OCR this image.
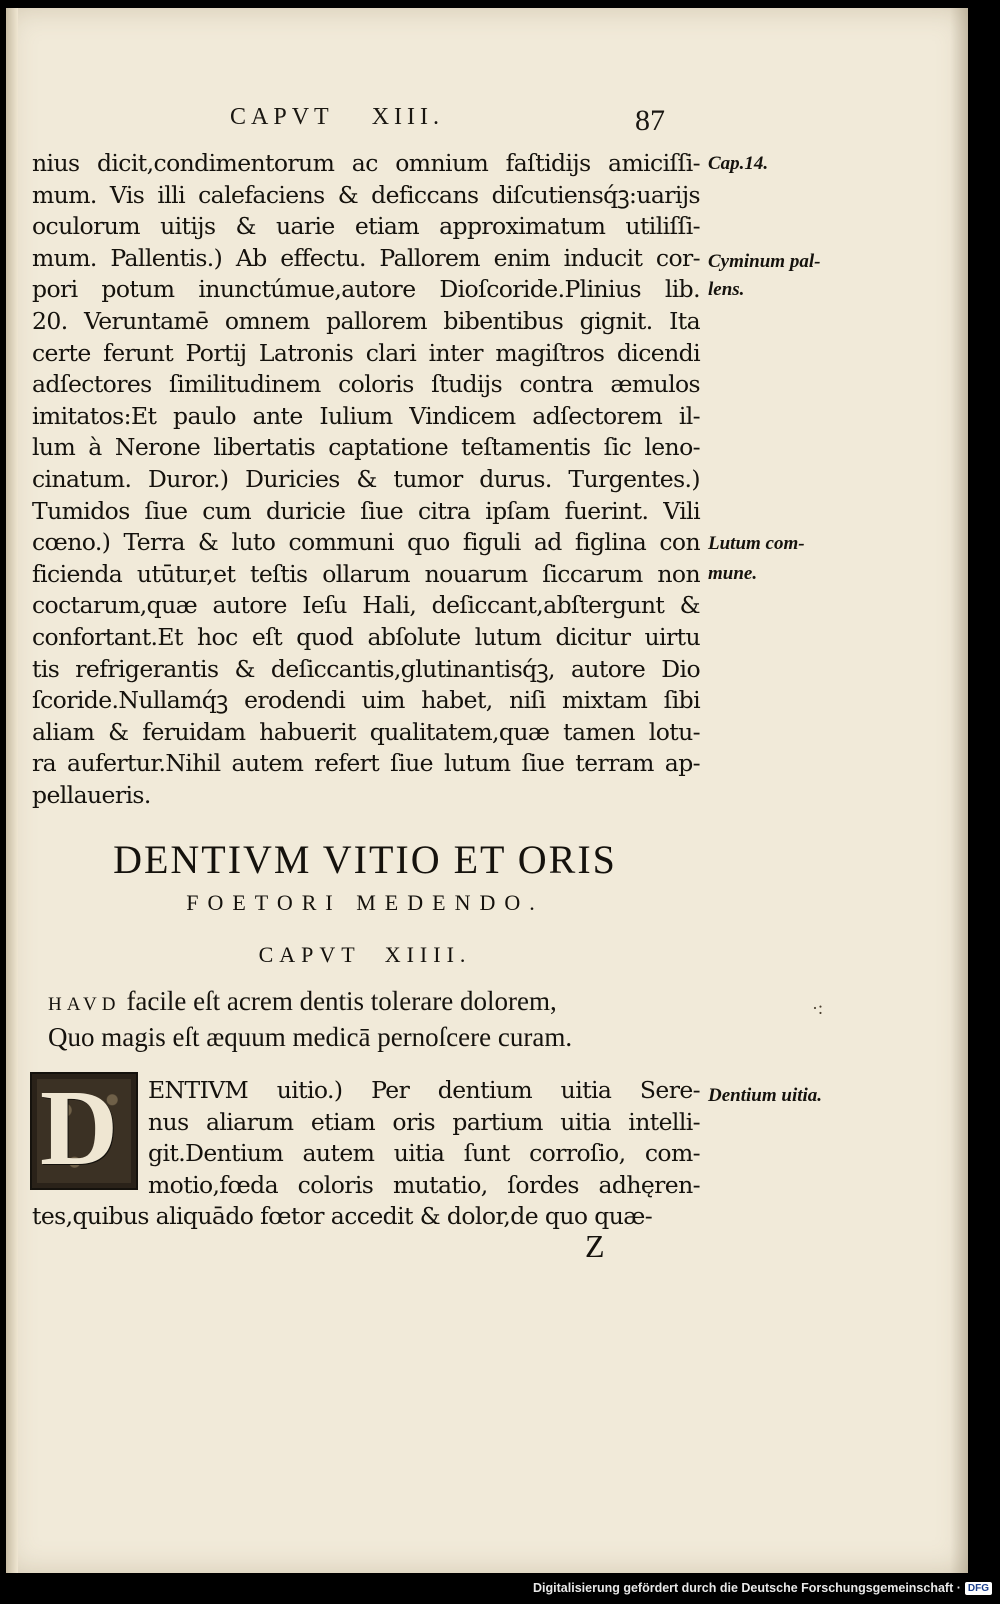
CAPVT XIII.	87
nius dicit,condimentorum ac omnium faſtidijs amiciſſi-
mum. Vis illi calefaciens & deficcans diſcutiensq́ꝫ:uarijs
oculorum uitijs & uarie etiam approximatum utiliſſi-
mum. Pallentis.) Ab effectu. Pallorem enim inducit cor-
pori potum inunctúmue,autore Dioſcoride.Plinius lib.
20. Veruntamē omnem pallorem bibentibus gignit. Ita
certe ferunt Portij Latronis clari inter magiſtros dicendi
adſectores ſimilitudinem coloris ſtudijs contra æmulos
imitatos:Et paulo ante Iulium Vindicem adſectorem il-
lum à Nerone libertatis captatione teſtamentis ſic leno-
cinatum. Duror.) Duricies & tumor durus. Turgentes.)
Tumidos ſiue cum duricie ſiue citra ipſam fuerint. Vili
cœno.) Terra & luto communi quo figuli ad figlina con
ficienda utūtur,et teſtis ollarum nouarum ſiccarum non
coctarum,quæ autore Ieſu Hali, deſiccant,abſtergunt &
confortant.Et hoc eſt quod abſolute lutum dicitur uirtu
tis refrigerantis & deſiccantis,glutinantisq́ꝫ, autore Dio
ſcoride.Nullamq́ꝫ erodendi uim habet, niſi mixtam ſibi
aliam & feruidam habuerit qualitatem,quæ tamen lotu-
ra aufertur.Nihil autem refert ſiue lutum ſiue terram ap-
pellaueris.
Cap.14.
Cyminum pal-
lens.
Lutum com-
mune.
Dentium uitia.
DENTIVM VITIO ET ORIS
FOETORI MEDENDO.
CAPVT XIIII.
HAVD facile eſt acrem dentis tolerare dolorem,
Quo magis eſt æquum medicā pernoſcere curam.
·:
D	ENTIVM uitio.) Per dentium uitia Sere-
nus aliarum etiam oris partium uitia intelli-
git.Dentium autem uitia ſunt corroſio, com-
motio,fœda coloris mutatio, ſordes adhęren-
tes,quibus aliquādo fœtor accedit & dolor,de quo quæ-
Z
Digitalisierung gefördert durch die Deutsche Forschungsgemeinschaft · DFG
